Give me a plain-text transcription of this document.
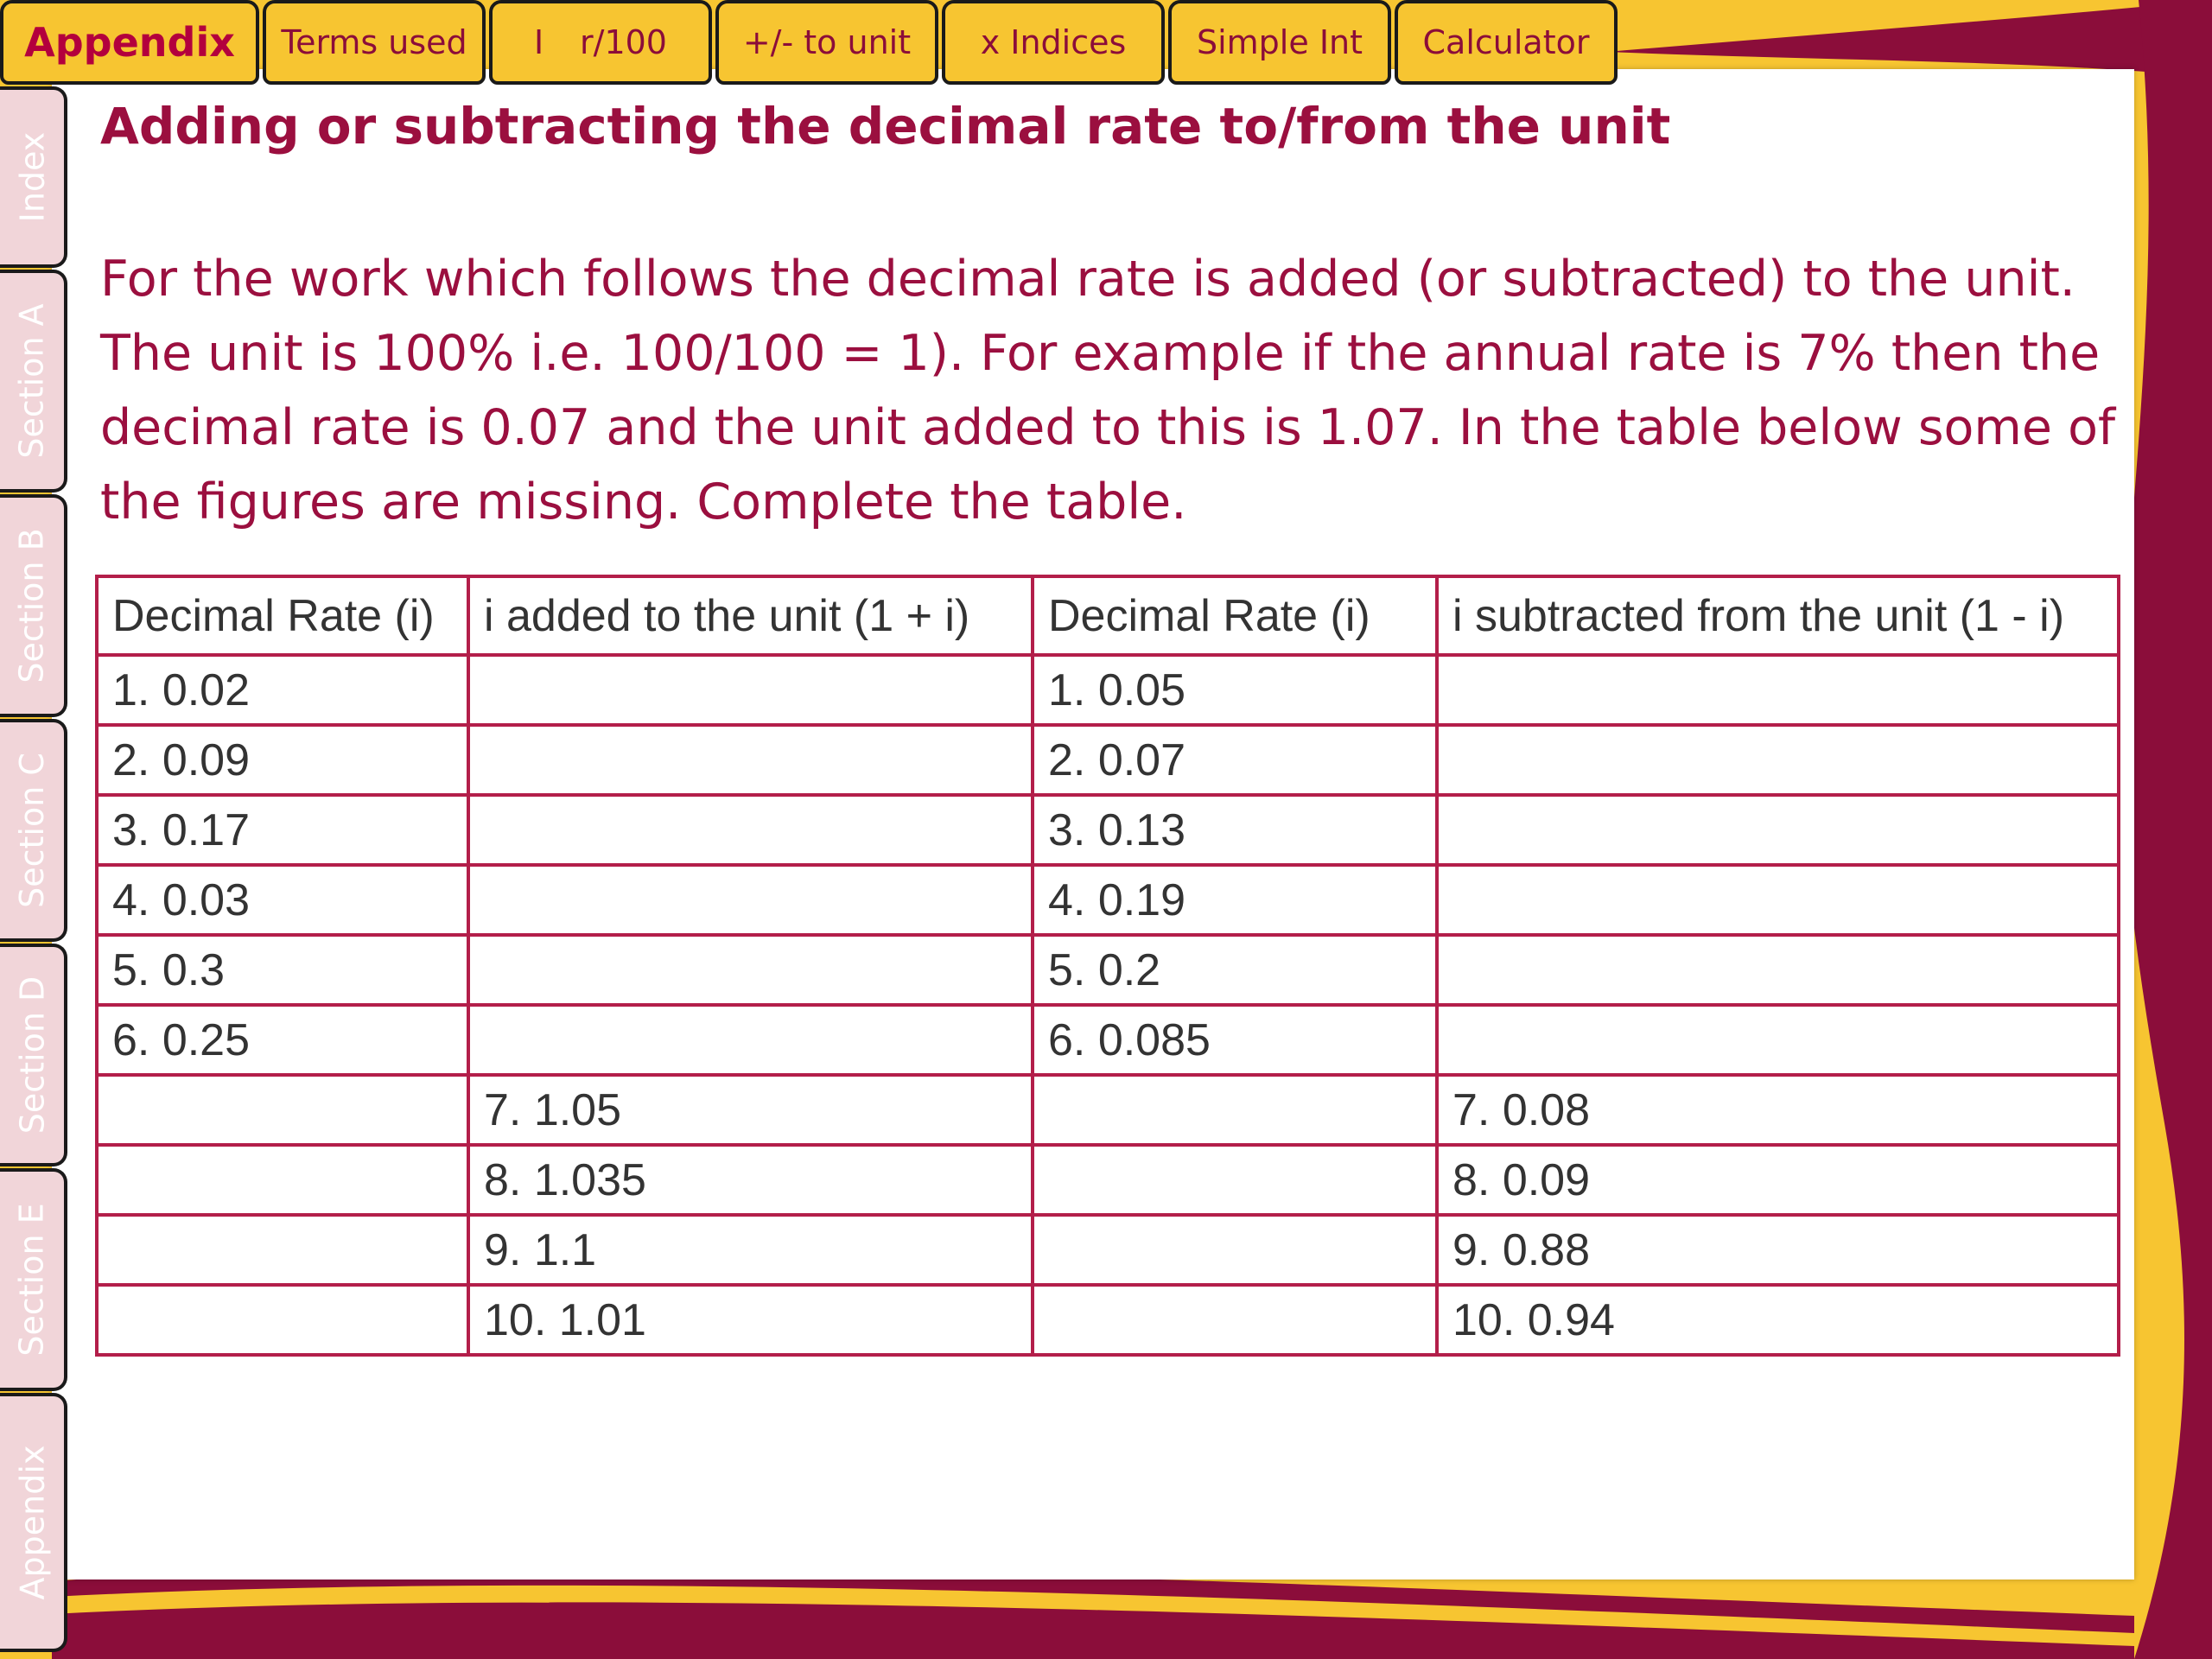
Appendix Terms used I r/100 +/- to unit x Indices Simple Int Calculator
Index
Section A
Section B
Section C
Section D
Section E
Appendix
Adding or subtracting the decimal rate to/from the unit
For the work which follows the decimal rate is added (or subtracted) to the unit. The unit is 100% i.e. 100/100 = 1). For example if the annual rate is 7% then the decimal rate is 0.07 and the unit added to this is 1.07. In the table below some of the figures are missing. Complete the table.
Decimal Rate (i)	i added to the unit (1 + i)	Decimal Rate (i)	i subtracted from the unit (1 - i)
1. 0.02		1. 0.05	
2. 0.09		2. 0.07	
3. 0.17		3. 0.13	
4. 0.03		4. 0.19	
5. 0.3		5. 0.2	
6. 0.25		6. 0.085	
	7. 1.05		7. 0.08
	8. 1.035		8. 0.09
	9. 1.1		9. 0.88
	10. 1.01		10. 0.94
